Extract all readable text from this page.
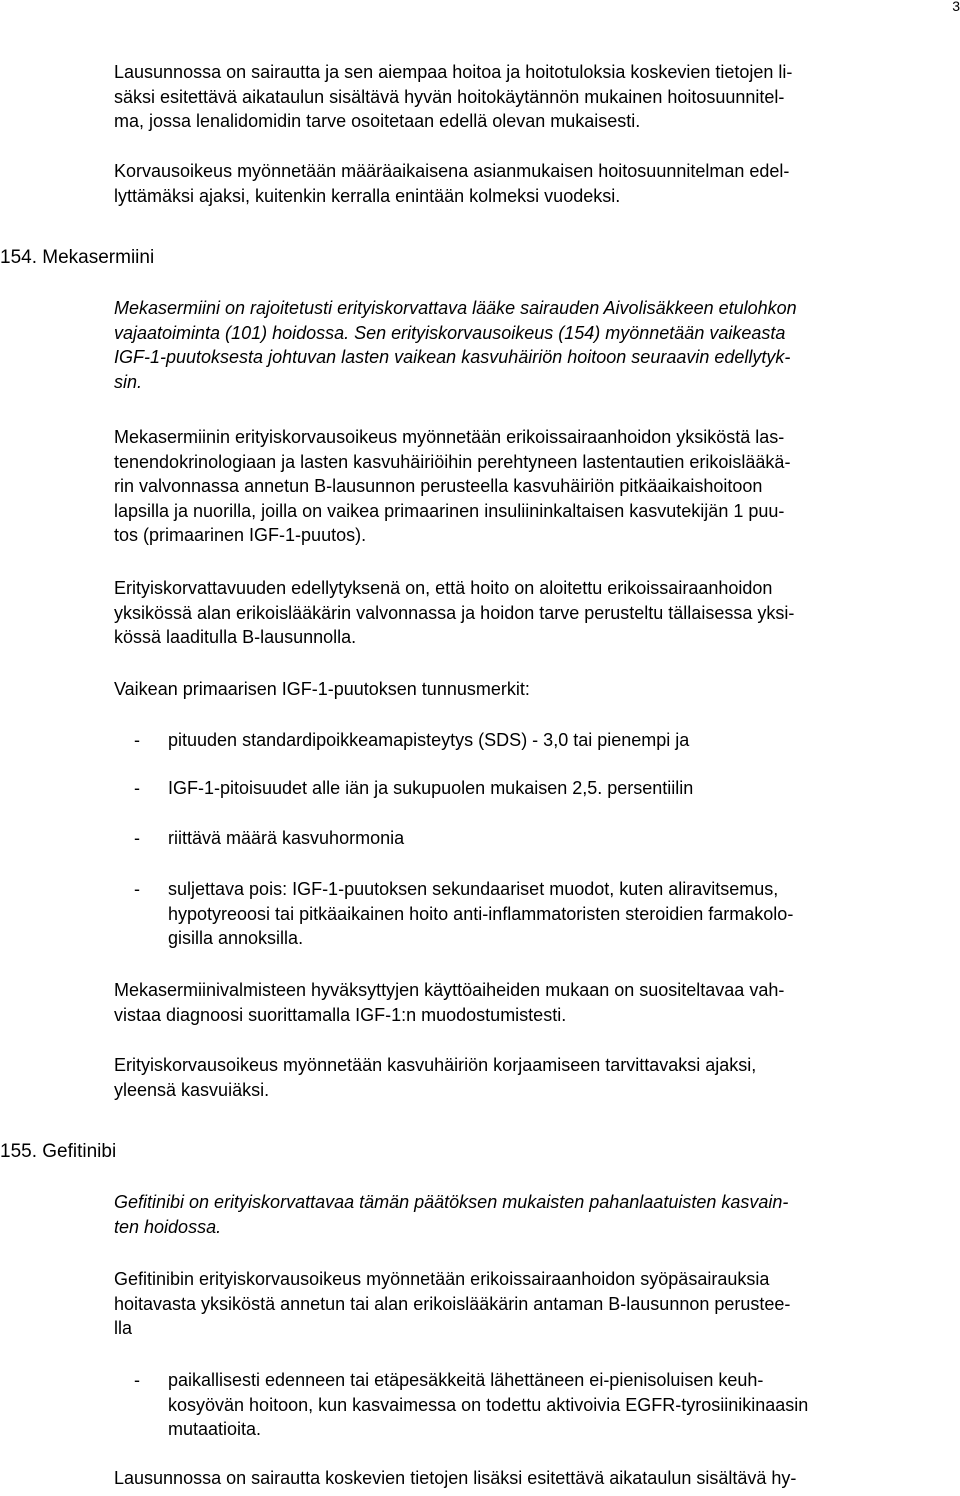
3

Lausunnossa on sairautta ja sen aiempaa hoitoa ja hoitotuloksia koskevien tietojen li-
säksi esitettävä aikataulun sisältävä hyvän hoitokäytännön mukainen hoitosuunnitel-
ma, jossa lenalidomidin tarve osoitetaan edellä olevan mukaisesti.

Korvausoikeus myönnetään määräaikaisena asianmukaisen hoitosuunnitelman edel-
lyttämäksi ajaksi, kuitenkin kerralla enintään kolmeksi vuodeksi.

154. Mekasermiini

Mekasermiini on rajoitetusti erityiskorvattava lääke sairauden Aivolisäkkeen etulohkon
vajaatoiminta (101) hoidossa. Sen erityiskorvausoikeus (154) myönnetään vaikeasta
IGF-1-puutoksesta johtuvan lasten vaikean kasvuhäiriön hoitoon seuraavin edellytyk-
sin.

Mekasermiinin erityiskorvausoikeus myönnetään erikoissairaanhoidon yksiköstä las-
tenendokrinologiaan ja lasten kasvuhäiriöihin perehtyneen lastentautien erikoislääkä-
rin valvonnassa annetun B-lausunnon perusteella kasvuhäiriön pitkäaikaishoitoon
lapsilla ja nuorilla, joilla on vaikea primaarinen insuliininkaltaisen kasvutekijän 1 puu-
tos (primaarinen IGF-1-puutos).

Erityiskorvattavuuden edellytyksenä on, että hoito on aloitettu erikoissairaanhoidon
yksikössä alan erikoislääkärin valvonnassa ja hoidon tarve perusteltu tällaisessa yksi-
kössä laaditulla B-lausunnolla.

Vaikean primaarisen IGF-1-puutoksen tunnusmerkit:

- pituuden standardipoikkeamapisteytys (SDS) - 3,0 tai pienempi ja
- IGF-1-pitoisuudet alle iän ja sukupuolen mukaisen 2,5. persentiilin
- riittävä määrä kasvuhormonia
- suljettava pois: IGF-1-puutoksen sekundaariset muodot, kuten aliravitsemus,
hypotyreoosi tai pitkäaikainen hoito anti-inflammatoristen steroidien farmakolo-
gisilla annoksilla.

Mekasermiinivalmisteen hyväksyttyjen käyttöaiheiden mukaan on suositeltavaa vah-
vistaa diagnoosi suorittamalla IGF-1:n muodostumistesti.

Erityiskorvausoikeus myönnetään kasvuhäiriön korjaamiseen tarvittavaksi ajaksi,
yleensä kasvuiäksi.

155. Gefitinibi

Gefitinibi on erityiskorvattavaa tämän päätöksen mukaisten pahanlaatuisten kasvain-
ten hoidossa.

Gefitinibin erityiskorvausoikeus myönnetään erikoissairaanhoidon syöpäsairauksia
hoitavasta yksiköstä annetun tai alan erikoislääkärin antaman B-lausunnon perustee-
lla

- paikallisesti edenneen tai etäpesäkkeitä lähettäneen ei-pienisoluisen keuh-
kosyövän hoitoon, kun kasvaimessa on todettu aktivoivia EGFR-tyrosiinikinaasin
mutaatioita.

Lausunnossa on sairautta koskevien tietojen lisäksi esitettävä aikataulun sisältävä hy-
